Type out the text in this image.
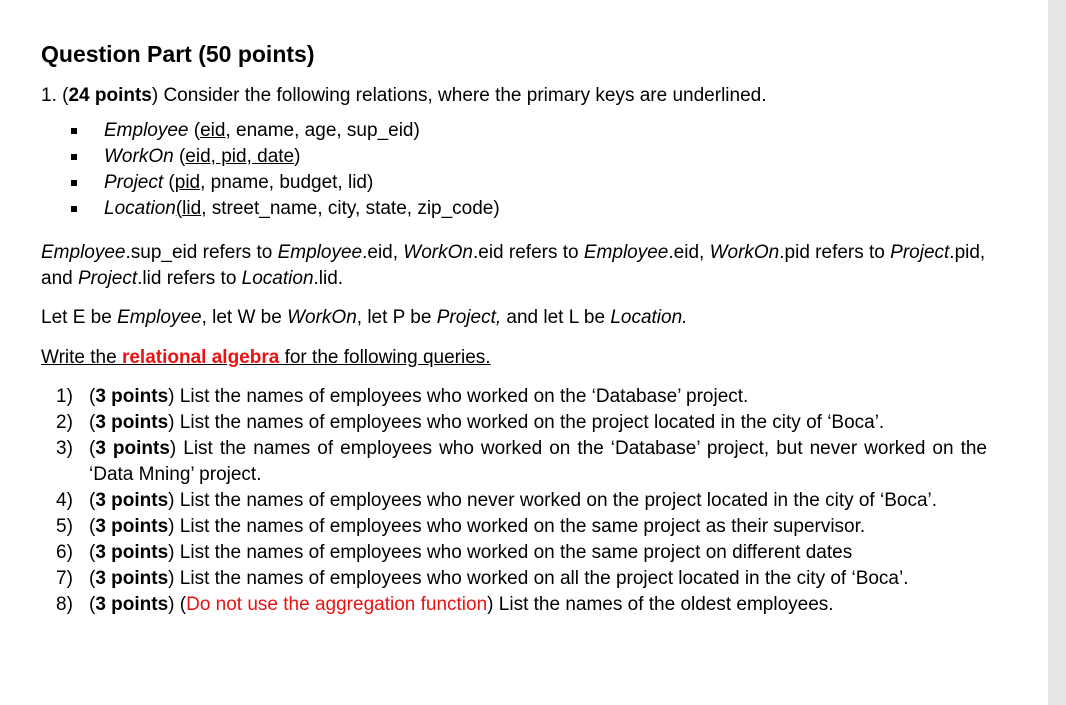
Question Part (50 points)

1. (24 points) Consider the following relations, where the primary keys are underlined.

Employee (eid, ename, age, sup_eid)
WorkOn (eid, pid, date)
Project (pid, pname, budget, lid)
Location(lid, street_name, city, state, zip_code)

Employee.sup_eid refers to Employee.eid, WorkOn.eid refers to Employee.eid, WorkOn.pid refers to Project.pid, and Project.lid refers to Location.lid.

Let E be Employee, let W be WorkOn, let P be Project, and let L be Location.

Write the relational algebra for the following queries.

1) (3 points) List the names of employees who worked on the ‘Database’ project.
2) (3 points) List the names of employees who worked on the project located in the city of ‘Boca’.
3) (3 points) List the names of employees who worked on the ‘Database’ project, but never worked on the ‘Data Mning’ project.
4) (3 points) List the names of employees who never worked on the project located in the city of ‘Boca’.
5) (3 points) List the names of employees who worked on the same project as their supervisor.
6) (3 points) List the names of employees who worked on the same project on different dates
7) (3 points) List the names of employees who worked on all the project located in the city of ‘Boca’.
8) (3 points) (Do not use the aggregation function) List the names of the oldest employees.
